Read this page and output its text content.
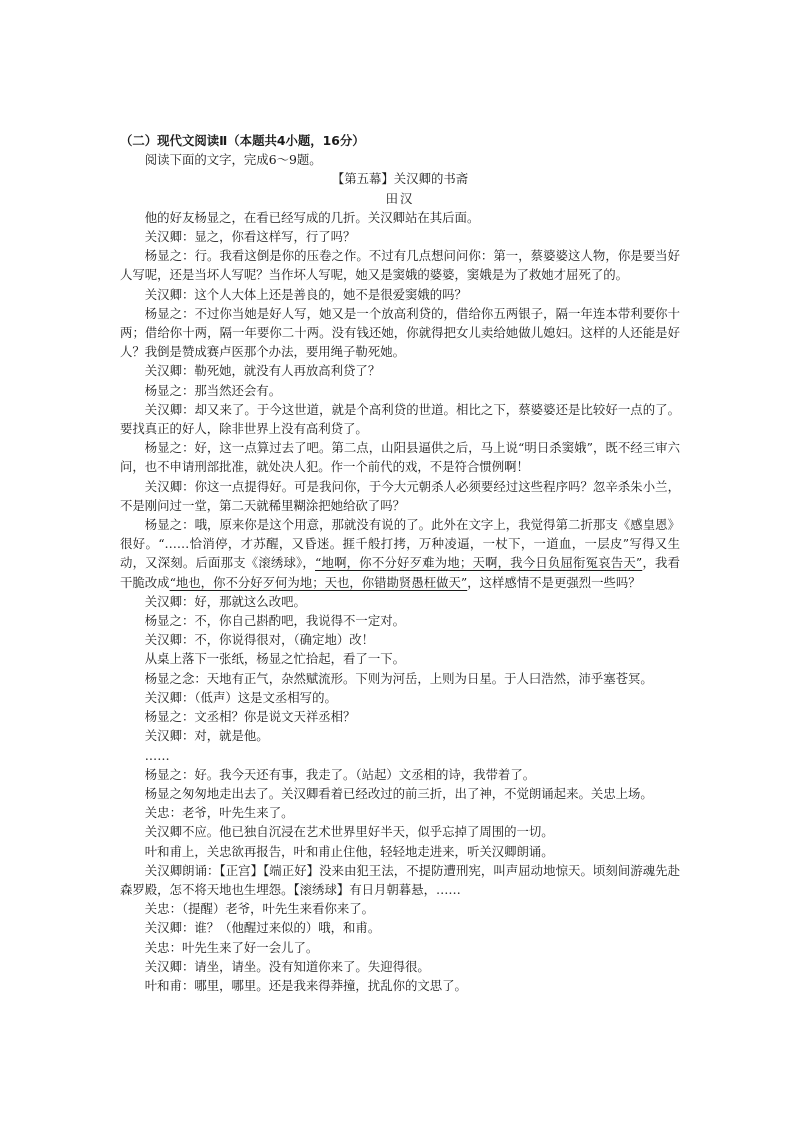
（二）现代文阅读Ⅱ（本题共4小题，16分）

阅读下面的文字，完成6～9题。

【第五幕】关汉卿的书斋

田汉

他的好友杨显之，在看已经写成的几折。关汉卿站在其后面。

关汉卿：显之，你看这样写，行了吗？

杨显之：行。我看这倒是你的压卷之作。不过有几点想问问你：第一，蔡婆婆这人物，你是要当好人写呢，还是当坏人写呢？当作坏人写呢，她又是窦娥的婆婆，窦娥是为了救她才屈死了的。

关汉卿：这个人大体上还是善良的，她不是很爱窦娥的吗？

杨显之：不过你当她是好人写，她又是一个放高利贷的，借给你五两银子，隔一年连本带利要你十两；借给你十两，隔一年要你二十两。没有钱还她，你就得把女儿卖给她做儿媳妇。这样的人还能是好人？我倒是赞成赛卢医那个办法，要用绳子勒死她。

关汉卿：勒死她，就没有人再放高利贷了？

杨显之：那当然还会有。

关汉卿：却又来了。于今这世道，就是个高利贷的世道。相比之下，蔡婆婆还是比较好一点的了。要找真正的好人，除非世界上没有高利贷了。

杨显之：好，这一点算过去了吧。第二点，山阳县逼供之后，马上说“明日杀窦娥”，既不经三审六问，也不申请刑部批准，就处决人犯。作一个前代的戏，不是符合惯例啊！

关汉卿：你这一点提得好。可是我问你，于今大元朝杀人必须要经过这些程序吗？忽辛杀朱小兰，不是刚问过一堂，第二天就稀里糊涂把她给砍了吗？

杨显之：哦，原来你是这个用意，那就没有说的了。此外在文字上，我觉得第二折那支《感皇恩》很好。“……恰消停，才苏醒，又昏迷。捱千般打拷，万种凌逼，一杖下，一道血，一层皮”写得又生动，又深刻。后面那支《滚绣球》，“地啊，你不分好歹难为地；天啊，我今日负屈衔冤哀告天”，我看干脆改成“地也，你不分好歹何为地；天也，你错勘贤愚枉做天”，这样感情不是更强烈一些吗？

关汉卿：好，那就这么改吧。

杨显之：不，你自己斟酌吧，我说得不一定对。

关汉卿：不，你说得很对，（确定地）改！

从桌上落下一张纸，杨显之忙拾起，看了一下。

杨显之念：天地有正气，杂然赋流形。下则为河岳，上则为日星。于人曰浩然，沛乎塞苍冥。

关汉卿：（低声）这是文丞相写的。

杨显之：文丞相？你是说文天祥丞相？

关汉卿：对，就是他。

……

杨显之：好。我今天还有事，我走了。（站起）文丞相的诗，我带着了。

杨显之匆匆地走出去了。关汉卿看着已经改过的前三折，出了神，不觉朗诵起来。关忠上场。

关忠：老爷，叶先生来了。

关汉卿不应。他已独自沉浸在艺术世界里好半天，似乎忘掉了周围的一切。

叶和甫上，关忠欲再报告，叶和甫止住他，轻轻地走进来，听关汉卿朗诵。

关汉卿朗诵：【正宫】【端正好】没来由犯王法，不提防遭刑宪，叫声屈动地惊天。顷刻间游魂先赴森罗殿，怎不将天地也生埋怨。【滚绣球】有日月朝暮悬，……

关忠：（提醒）老爷，叶先生来看你来了。

关汉卿：谁？（他醒过来似的）哦，和甫。

关忠：叶先生来了好一会儿了。

关汉卿：请坐，请坐。没有知道你来了。失迎得很。

叶和甫：哪里，哪里。还是我来得莽撞，扰乱你的文思了。
